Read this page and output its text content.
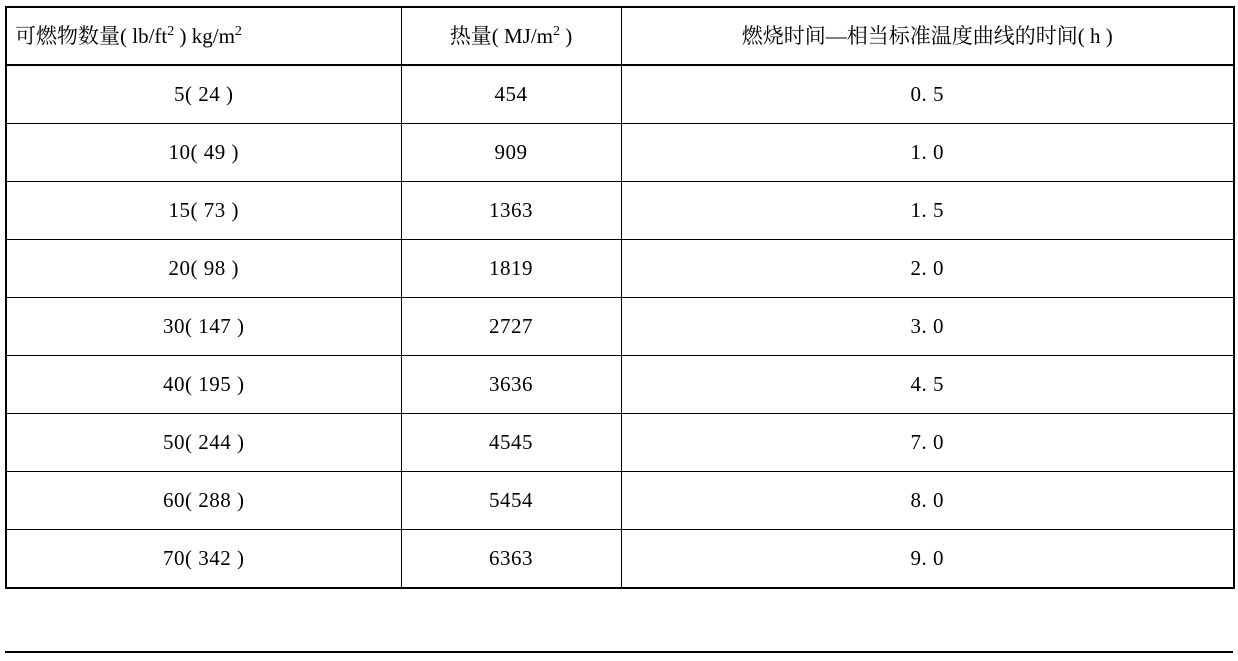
可燃物数量( $lb/ft^2$ ) $kg/m^2$	热量( $MJ/m^2$ )	燃烧时间—相当标准温度曲线的时间( h )
5( 24 )	454	0. 5
10( 49 )	909	1. 0
15( 73 )	1363	1. 5
20( 98 )	1819	2. 0
30( 147 )	2727	3. 0
40( 195 )	3636	4. 5
50( 244 )	4545	7. 0
60( 288 )	5454	8. 0
70( 342 )	6363	9. 0
